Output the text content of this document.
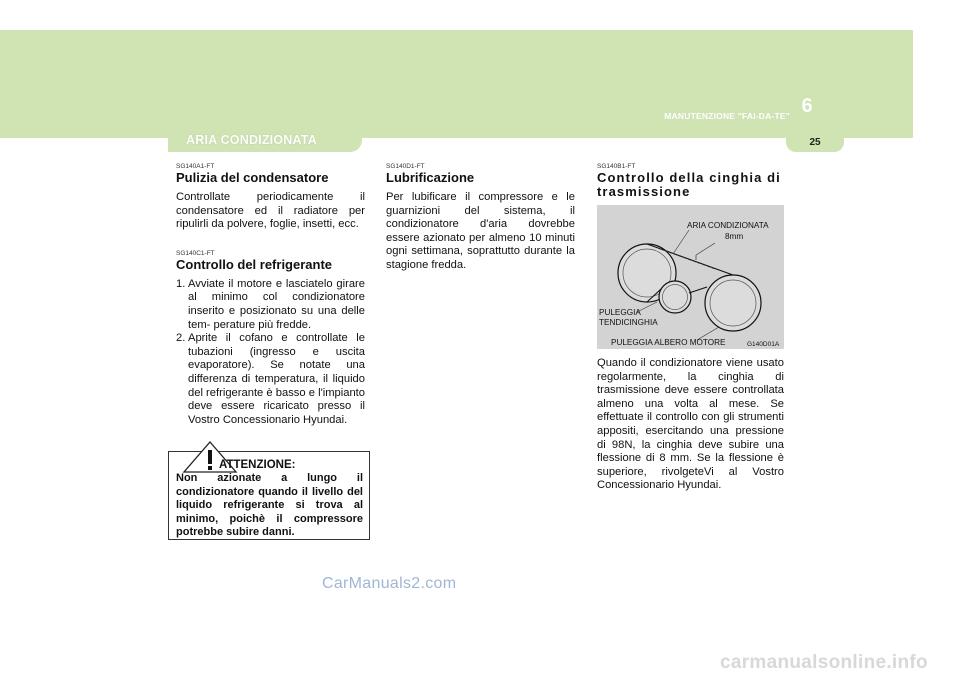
6
MANUTENZIONE "FAI-DA-TE"
25
ARIA CONDIZIONATA

SG140A1-FT

Pulizia del condensatore

Controllate periodicamente il condensatore ed il radiatore per ripulirli da polvere, foglie, insetti, ecc.

SG140C1-FT

Controllo del refrigerante

1. Avviate il motore e lasciatelo girare al minimo col condizionatore inserito e posizionato su una delle tem- perature più fredde.
2. Aprite il cofano e controllate le tubazioni (ingresso e uscita evaporatore). Se notate una differenza di temperatura, il liquido del refrigerante è basso e l'impianto deve essere ricaricato presso il Vostro Concessionario Hyundai.
ATTENZIONE:
Non azionate a lungo il condizionatore quando il livello del liquido refrigerante si trova al minimo, poichè il compressore potrebbe subire danni.

SG140D1-FT

Lubrificazione

Per lubificare il compressore e le guarnizioni del sistema, il condizionatore d'aria dovrebbe essere azionato per almeno 10 minuti ogni settimana, soprattutto durante la stagione fredda.

SG140B1-FT

Controllo della cinghia di trasmissione

ARIA CONDIZIONATA
8mm
PULEGGIA
TENDICINGHIA
PULEGGIA ALBERO MOTORE	G140D01A

Quando il condizionatore viene usato regolarmente, la cinghia di trasmissione deve essere controllata almeno una volta al mese. Se effettuate il controllo con gli strumenti appositi, esercitando una pressione di 98N, la cinghia deve subire una flessione di 8 mm. Se la flessione è superiore, rivolgeteVi al Vostro Concessionario Hyundai.

CarManuals2.com
carmanualsonline.info
